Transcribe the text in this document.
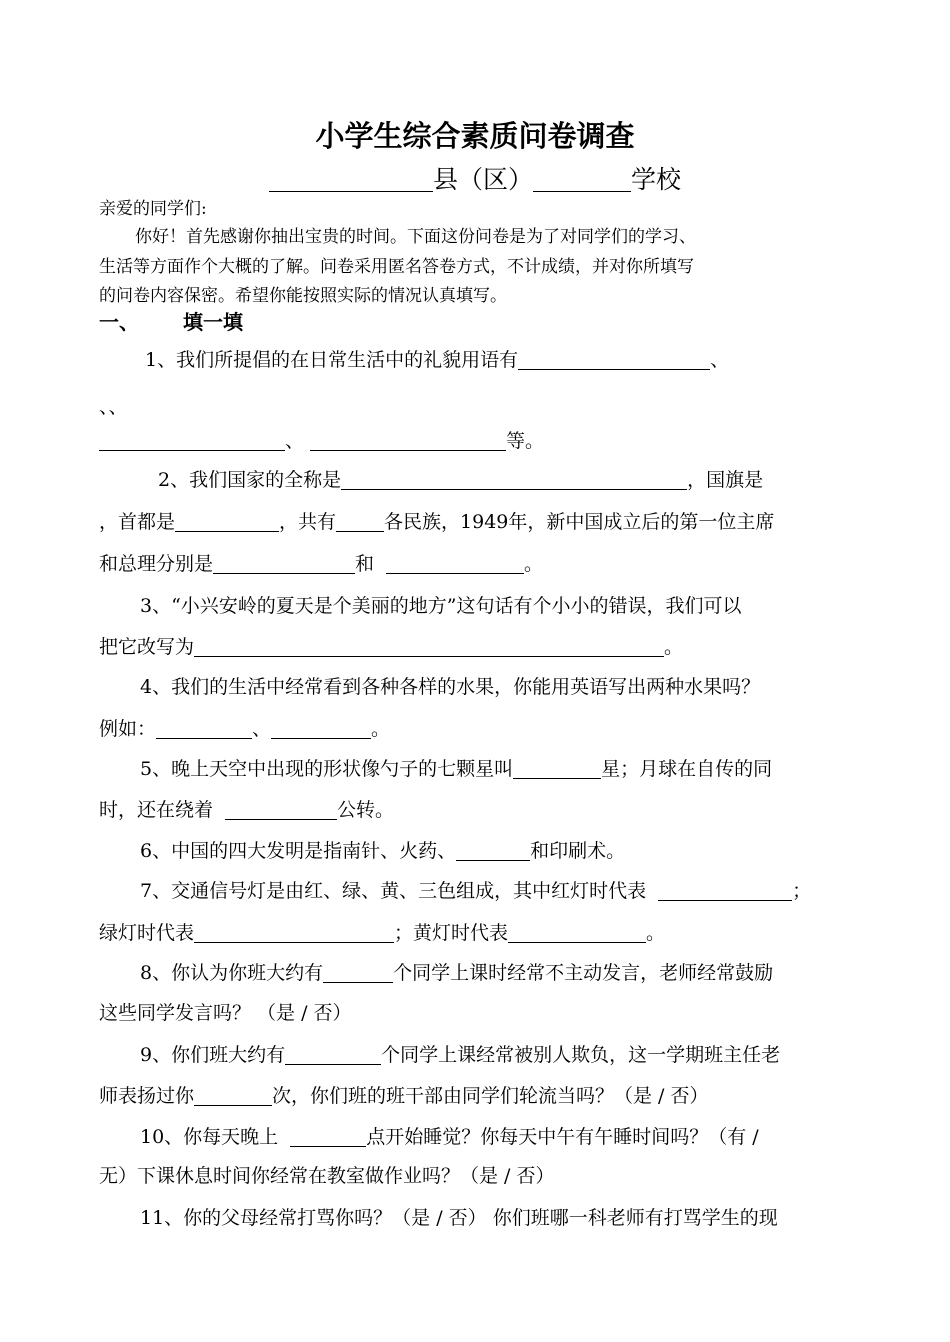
小学生综合素质问卷调查
县（区）	学校
亲爱的同学们:
你好！首先感谢你抽出宝贵的时间。下面这份问卷是为了对同学们的学习、
生活等方面作个大概的了解。问卷采用匿名答卷方式，不计成绩，并对你所填写
的问卷内容保密。希望你能按照实际的情况认真填写。
一、 填一填
1、我们所提倡的在日常生活中的礼貌用语有	、
、、
、	等。
2、我们国家的全称是	，国旗是
，首都是	，共有	各民族，1949年，新中国成立后的第一位主席
和总理分别是	和	。
3、“小兴安岭的夏天是个美丽的地方”这句话有个小小的错误，我们可以
把它改写为	。
4、我们的生活中经常看到各种各样的水果，你能用英语写出两种水果吗？
例如：	、	。
5、晚上天空中出现的形状像勺子的七颗星叫	星；月球在自传的同
时，还在绕着	公转。
6、中国的四大发明是指南针、火药、	和印刷术。
7、交通信号灯是由红、绿、黄、三色组成，其中红灯时代表	；
绿灯时代表	；黄灯时代表	。
8、你认为你班大约有	个同学上课时经常不主动发言，老师经常鼓励
这些同学发言吗？ （是 / 否）
9、你们班大约有	个同学上课经常被别人欺负，这一学期班主任老
师表扬过你	次，你们班的班干部由同学们轮流当吗？（是 / 否）
10、你每天晚上	点开始睡觉？你每天中午有午睡时间吗？（有 /
无）下课休息时间你经常在教室做作业吗？（是 / 否）
11、你的父母经常打骂你吗？（是 / 否） 你们班哪一科老师有打骂学生的现
